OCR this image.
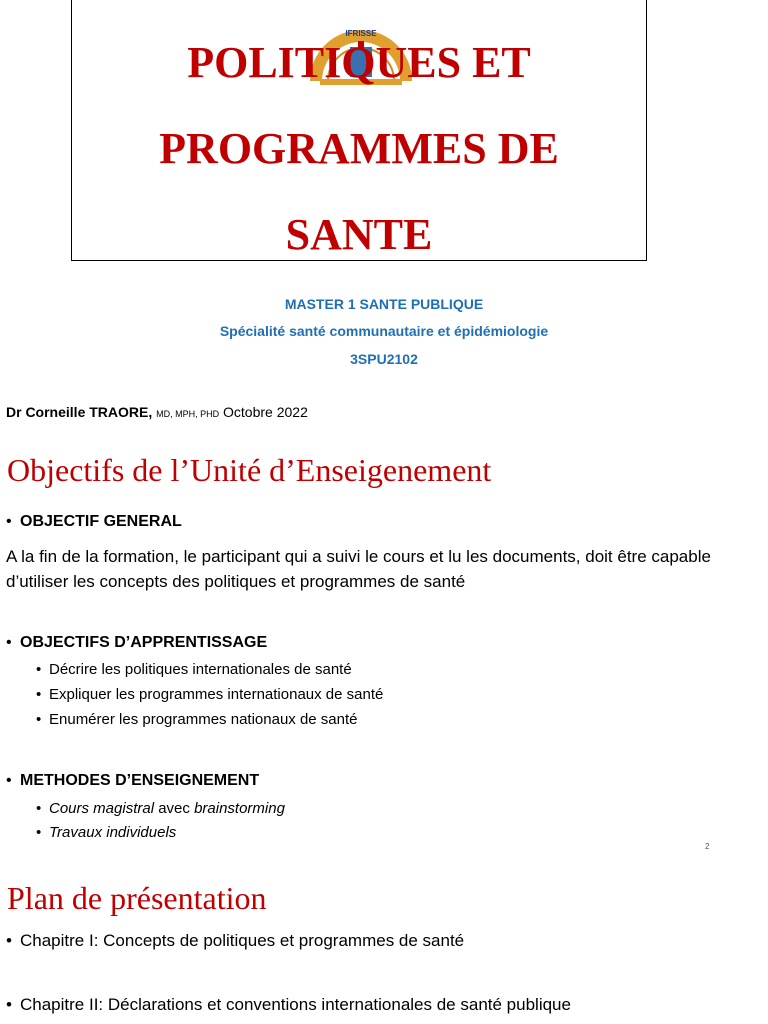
IFRISSE
POLITIQUES ET
PROGRAMMES DE
SANTE
MASTER 1 SANTE PUBLIQUE
Spécialité santé communautaire et épidémiologie
3SPU2102
Dr Corneille TRAORE, MD, MPH, PHD Octobre 2022
Objectifs de l’Unité d’Enseigenement
• OBJECTIF GENERAL
A la fin de la formation, le participant qui a suivi le cours et lu les documents, doit être capable d’utiliser les concepts des politiques et programmes de santé
• OBJECTIFS D’APPRENTISSAGE
• Décrire les politiques internationales de santé
• Expliquer les programmes internationaux de santé
• Enumérer les programmes nationaux de santé
• METHODES D’ENSEIGNEMENT
• Cours magistral avec brainstorming
• Travaux individuels
2
Plan de présentation
• Chapitre I: Concepts de politiques et programmes de santé
• Chapitre II: Déclarations et conventions internationales de santé publique
